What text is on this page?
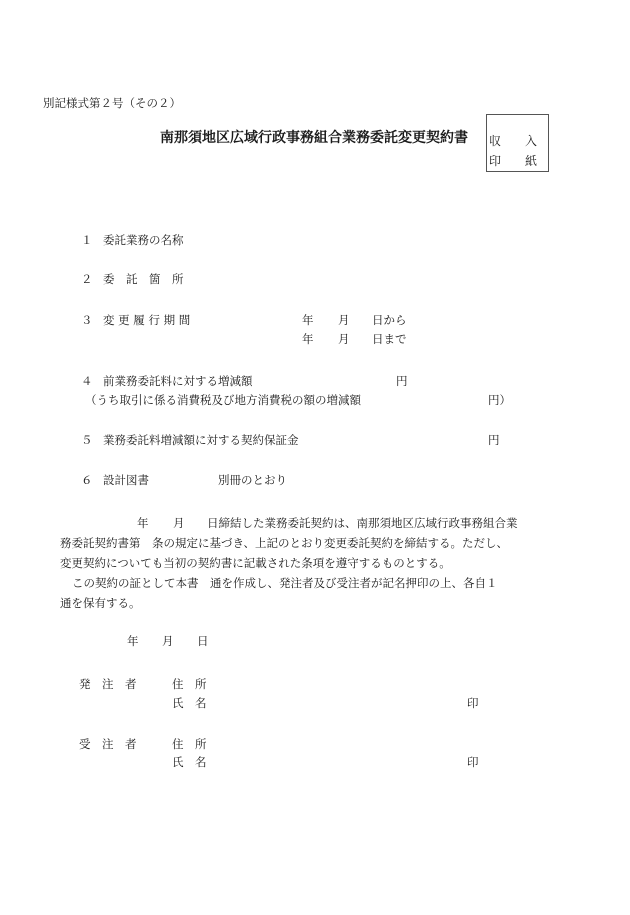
別記様式第２号（その２）
南那須地区広域行政事務組合業務委託変更契約書 収 入
印 紙
１ 委託業務の名称
２ 委　託　箇　所
３ 変 更 履 行 期 間	年 月 日から
年 月 日まで
４ 前業務委託料に対する増減額	円
（うち取引に係る消費税及び地方消費税の額の増減額	円）
５ 業務委託料増減額に対する契約保証金	円
６ 設計図書	別冊のとおり
年 月 日締結した業務委託契約は、南那須地区広域行政事務組合業
務委託契約書第　条の規定に基づき、上記のとおり変更委託契約を締結する。ただし、
変更契約についても当初の契約書に記載された条項を遵守するものとする。
この契約の証として本書　通を作成し、発注者及び受注者が記名押印の上、各自１
通を保有する。
年 月 日
発　注　者	住　所
氏　名	印
受　注　者	住　所
氏　名	印
